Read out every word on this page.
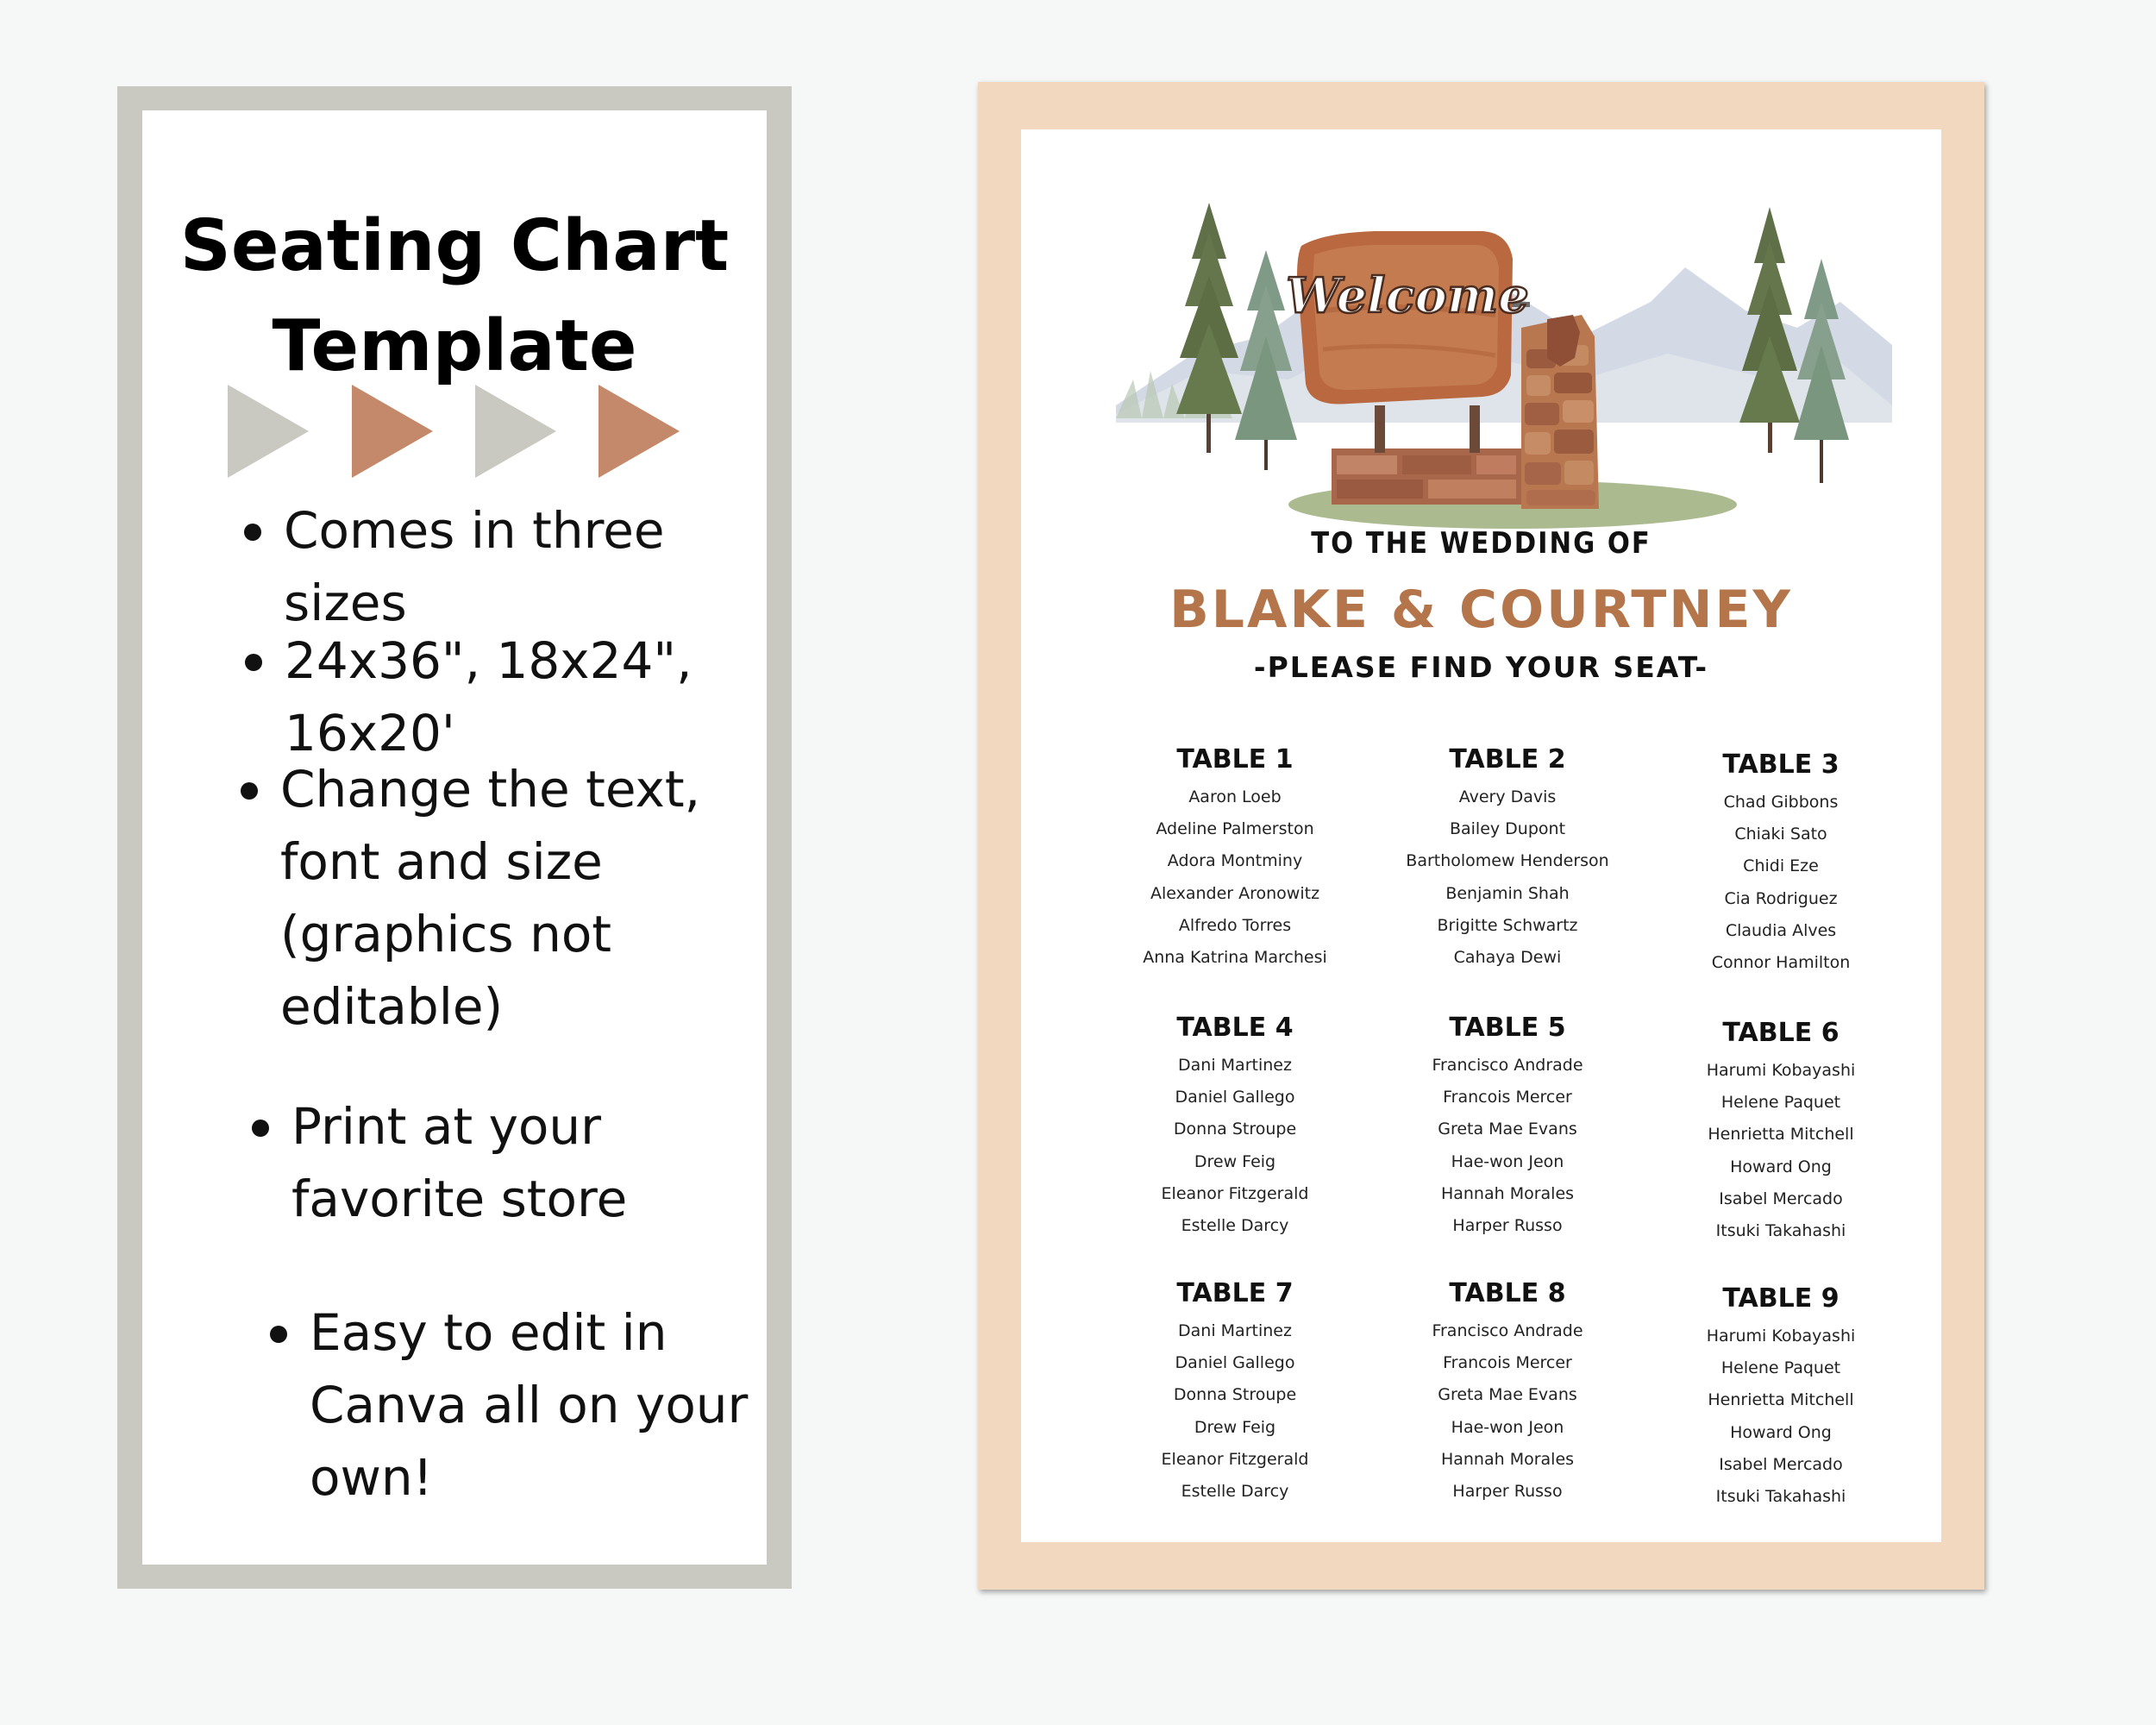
Seating Chart
Template
Comes in three sizes
24x36", 18x24", 16x20'
Change the text,
font and size
(graphics not
editable)
Print at your
favorite store
Easy to edit in
Canva all on your
own!
Welcome
TO THE WEDDING OF
BLAKE & COURTNEY
-PLEASE FIND YOUR SEAT-
TABLE 1
Aaron Loeb
Adeline Palmerston
Adora Montminy
Alexander Aronowitz
Alfredo Torres
Anna Katrina Marchesi
TABLE 2
Avery Davis
Bailey Dupont
Bartholomew Henderson
Benjamin Shah
Brigitte Schwartz
Cahaya Dewi
TABLE 3
Chad Gibbons
Chiaki Sato
Chidi Eze
Cia Rodriguez
Claudia Alves
Connor Hamilton
TABLE 4
Dani Martinez
Daniel Gallego
Donna Stroupe
Drew Feig
Eleanor Fitzgerald
Estelle Darcy
TABLE 5
Francisco Andrade
Francois Mercer
Greta Mae Evans
Hae-won Jeon
Hannah Morales
Harper Russo
TABLE 6
Harumi Kobayashi
Helene Paquet
Henrietta Mitchell
Howard Ong
Isabel Mercado
Itsuki Takahashi
TABLE 7
Dani Martinez
Daniel Gallego
Donna Stroupe
Drew Feig
Eleanor Fitzgerald
Estelle Darcy
TABLE 8
Francisco Andrade
Francois Mercer
Greta Mae Evans
Hae-won Jeon
Hannah Morales
Harper Russo
TABLE 9
Harumi Kobayashi
Helene Paquet
Henrietta Mitchell
Howard Ong
Isabel Mercado
Itsuki Takahashi
